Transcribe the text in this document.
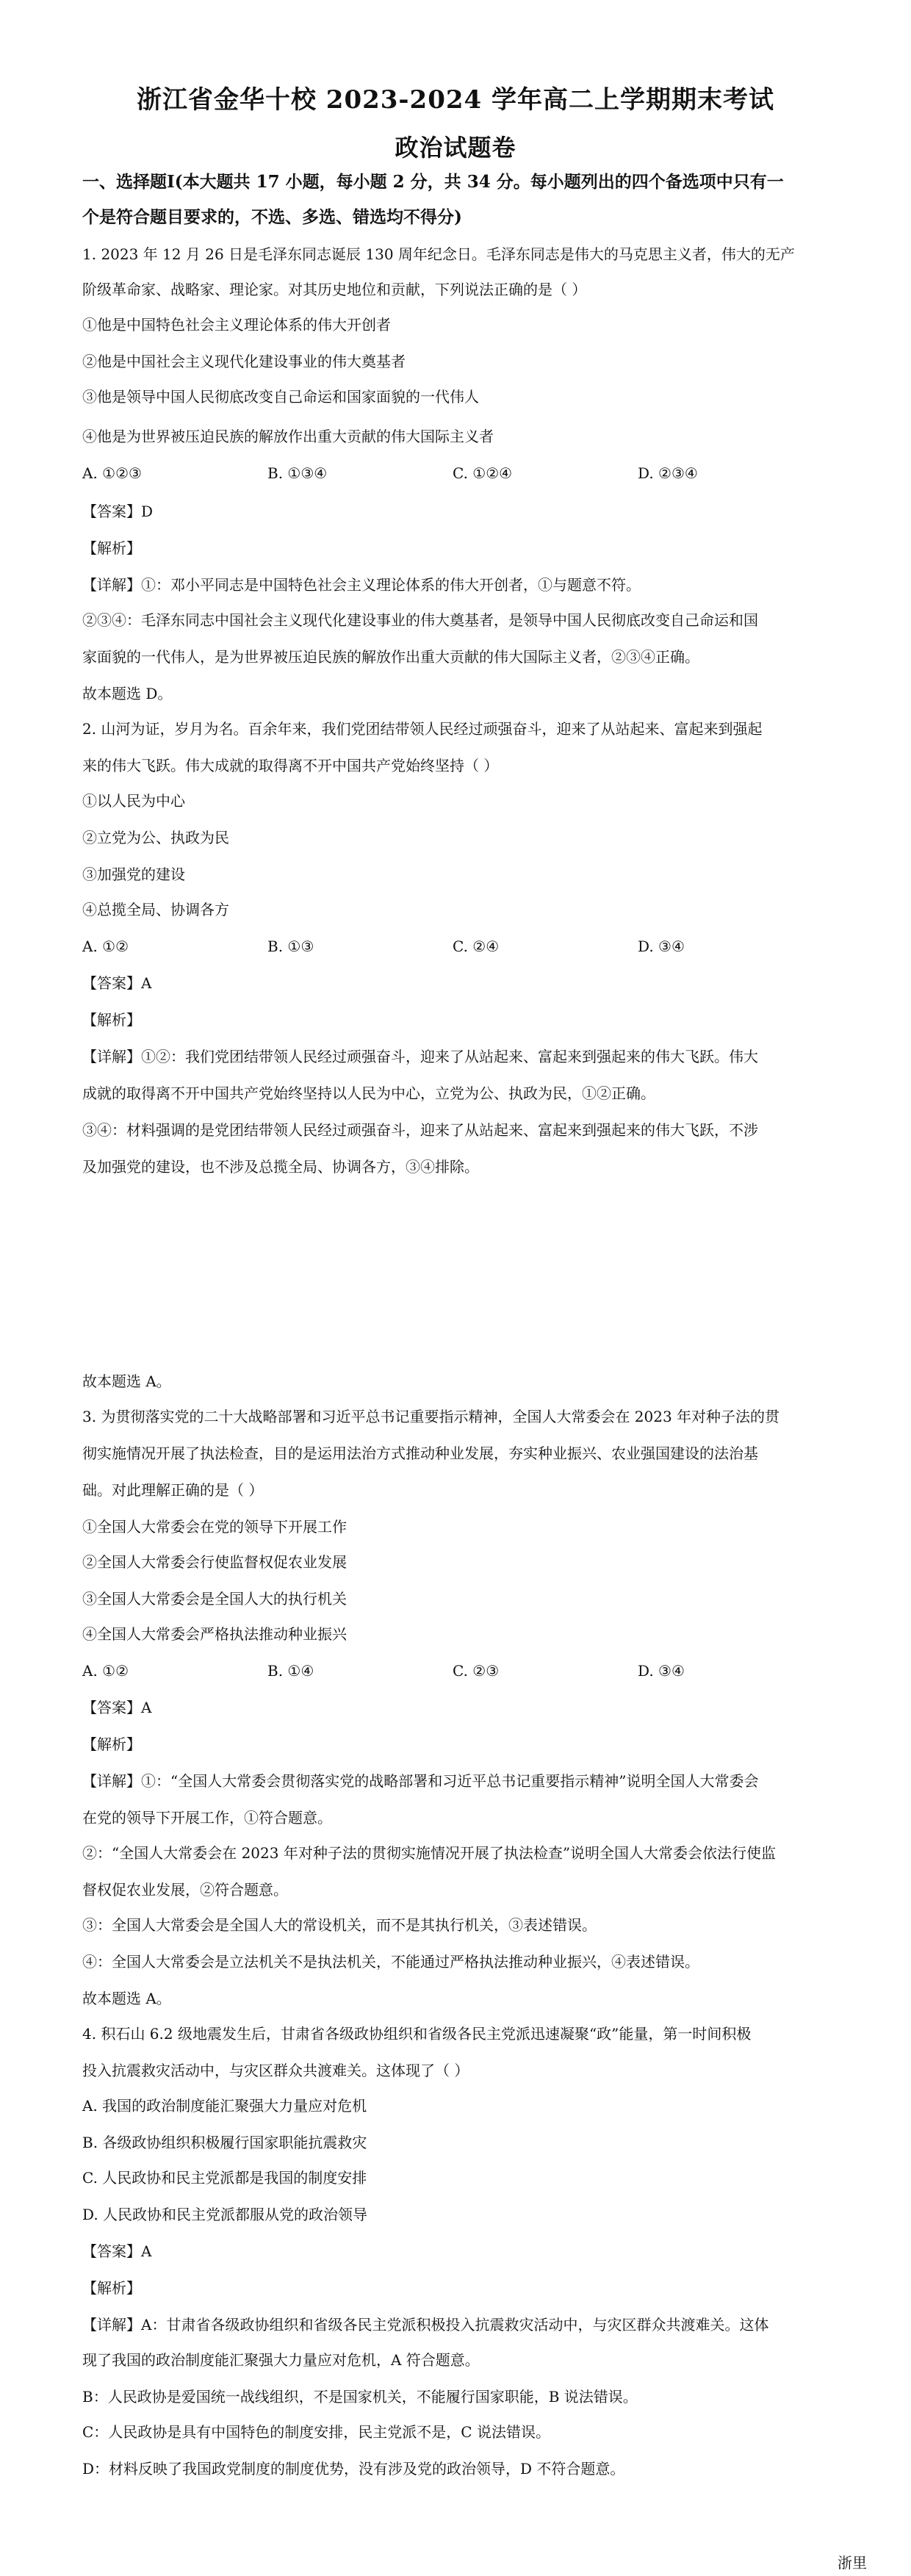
浙江省金华十校 2023-2024 学年高二上学期期末考试
政治试题卷
一、选择题Ⅰ(本大题共 17 小题，每小题 2 分，共 34 分。每小题列出的四个备选项中只有一
个是符合题目要求的，不选、多选、错选均不得分)
1. 2023 年 12 月 26 日是毛泽东同志诞辰 130 周年纪念日。毛泽东同志是伟大的马克思主义者，伟大的无产
阶级革命家、战略家、理论家。对其历史地位和贡献，下列说法正确的是（ ）
①他是中国特色社会主义理论体系的伟大开创者
②他是中国社会主义现代化建设事业的伟大奠基者
③他是领导中国人民彻底改变自己命运和国家面貌的一代伟人
④他是为世界被压迫民族的解放作出重大贡献的伟大国际主义者
A. ①②③	B. ①③④	C. ①②④	D. ②③④
【答案】D
【解析】
【详解】①：邓小平同志是中国特色社会主义理论体系的伟大开创者，①与题意不符。
②③④：毛泽东同志中国社会主义现代化建设事业的伟大奠基者，是领导中国人民彻底改变自己命运和国
家面貌的一代伟人，是为世界被压迫民族的解放作出重大贡献的伟大国际主义者，②③④正确。
故本题选 D。
2. 山河为证，岁月为名。百余年来，我们党团结带领人民经过顽强奋斗，迎来了从站起来、富起来到强起
来的伟大飞跃。伟大成就的取得离不开中国共产党始终坚持（ ）
①以人民为中心
②立党为公、执政为民
③加强党的建设
④总揽全局、协调各方
A. ①②	B. ①③	C. ②④	D. ③④
【答案】A
【解析】
【详解】①②：我们党团结带领人民经过顽强奋斗，迎来了从站起来、富起来到强起来的伟大飞跃。伟大
成就的取得离不开中国共产党始终坚持以人民为中心，立党为公、执政为民，①②正确。
③④：材料强调的是党团结带领人民经过顽强奋斗，迎来了从站起来、富起来到强起来的伟大飞跃，不涉
及加强党的建设，也不涉及总揽全局、协调各方，③④排除。
故本题选 A。
3. 为贯彻落实党的二十大战略部署和习近平总书记重要指示精神，全国人大常委会在 2023 年对种子法的贯
彻实施情况开展了执法检查，目的是运用法治方式推动种业发展，夯实种业振兴、农业强国建设的法治基
础。对此理解正确的是（ ）
①全国人大常委会在党的领导下开展工作
②全国人大常委会行使监督权促农业发展
③全国人大常委会是全国人大的执行机关
④全国人大常委会严格执法推动种业振兴
A. ①②	B. ①④	C. ②③	D. ③④
【答案】A
【解析】
【详解】①：“全国人大常委会贯彻落实党的战略部署和习近平总书记重要指示精神”说明全国人大常委会
在党的领导下开展工作，①符合题意。
②：“全国人大常委会在 2023 年对种子法的贯彻实施情况开展了执法检查”说明全国人大常委会依法行使监
督权促农业发展，②符合题意。
③：全国人大常委会是全国人大的常设机关，而不是其执行机关，③表述错误。
④：全国人大常委会是立法机关不是执法机关，不能通过严格执法推动种业振兴，④表述错误。
故本题选 A。
4. 积石山 6.2 级地震发生后，甘肃省各级政协组织和省级各民主党派迅速凝聚“政”能量，第一时间积极
投入抗震救灾活动中，与灾区群众共渡难关。这体现了（ ）
A. 我国的政治制度能汇聚强大力量应对危机
B. 各级政协组织积极履行国家职能抗震救灾
C. 人民政协和民主党派都是我国的制度安排
D. 人民政协和民主党派都服从党的政治领导
【答案】A
【解析】
【详解】A：甘肃省各级政协组织和省级各民主党派积极投入抗震救灾活动中，与灾区群众共渡难关。这体
现了我国的政治制度能汇聚强大力量应对危机，A 符合题意。
B：人民政协是爱国统一战线组织，不是国家机关，不能履行国家职能，B 说法错误。
C：人民政协是具有中国特色的制度安排，民主党派不是，C 说法错误。
D：材料反映了我国政党制度的制度优势，没有涉及党的政治领导，D 不符合题意。
浙里
